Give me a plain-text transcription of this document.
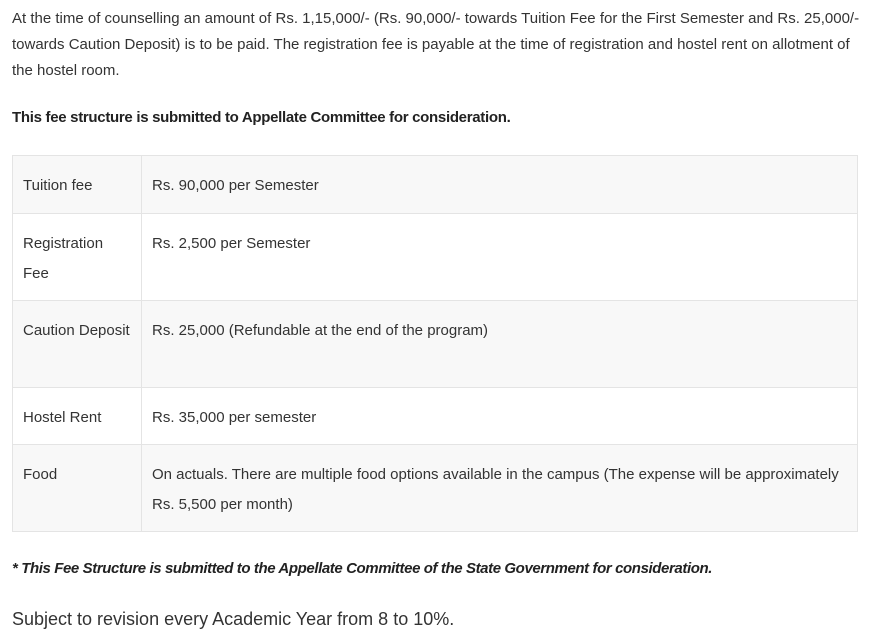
At the time of counselling an amount of Rs. 1,15,000/- (Rs. 90,000/- towards Tuition Fee for the First Semester and Rs. 25,000/- towards Caution Deposit) is to be paid. The registration fee is payable at the time of registration and hostel rent on allotment of the hostel room.

This fee structure is submitted to Appellate Committee for consideration.

Tuition fee	Rs. 90,000 per Semester
Registration Fee	Rs. 2,500 per Semester
Caution Deposit	Rs. 25,000 (Refundable at the end of the program)
Hostel Rent	Rs. 35,000 per semester
Food	On actuals. There are multiple food options available in the campus (The expense will be approximately Rs. 5,500 per month)

* This Fee Structure is submitted to the Appellate Committee of the State Government for consideration.

Subject to revision every Academic Year from 8 to 10%.
